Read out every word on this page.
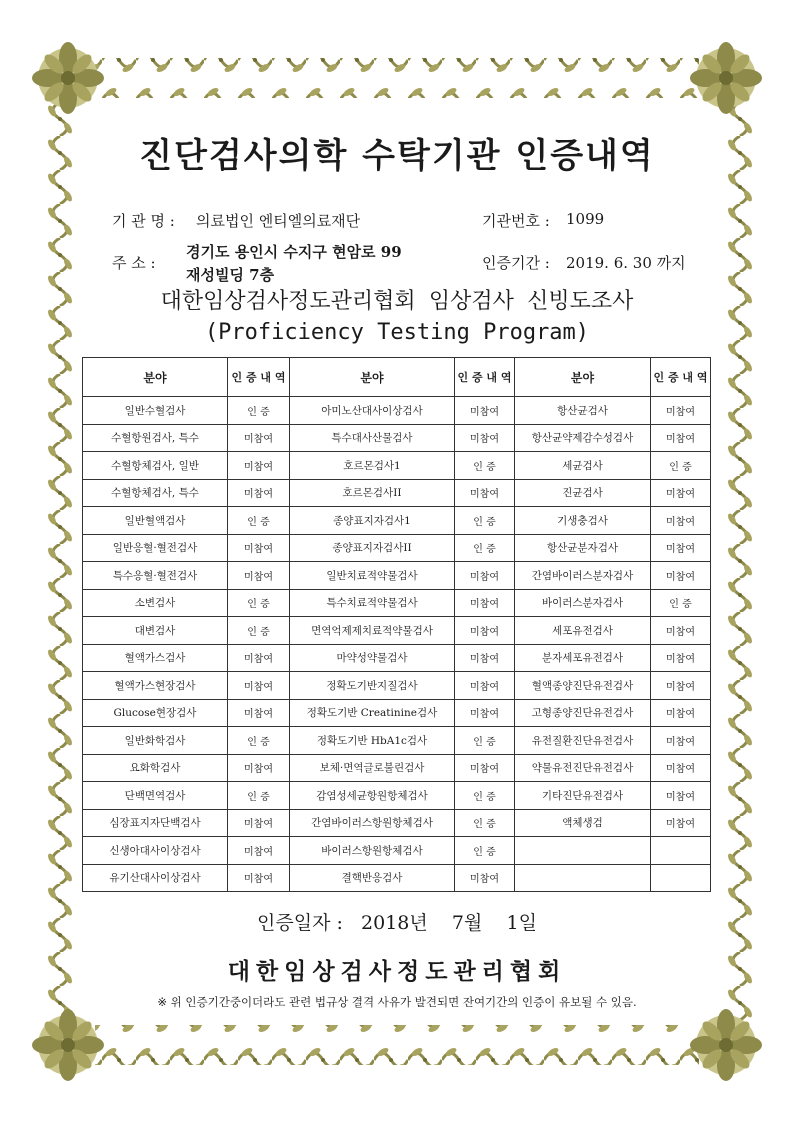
진단검사의학 수탁기관 인증내역
기 관 명 : 의료법인 엔티엘의료재단	기관번호 : 1099
주 소 :
경기도 용인시 수지구 현암로 99
재성빌딩 7층
인증기간 : 2019. 6. 30 까지
대한임상검사정도관리협회 임상검사 신빙도조사
(Proficiency Testing Program)
분야	인 증 내 역	분야	인 증 내 역	분야	인 증 내 역
일반수혈검사	인 증	아미노산대사이상검사	미참여	항산균검사	미참여
수혈항원검사, 특수	미참여	특수대사산물검사	미참여	항산균약제감수성검사	미참여
수혈항체검사, 일반	미참여	호르몬검사1	인 증	세균검사	인 증
수혈항체검사, 특수	미참여	호르몬검사II	미참여	진균검사	미참여
일반혈액검사	인 증	종양표지자검사1	인 증	기생충검사	미참여
일반응혈·혈전검사	미참여	종양표지자검사II	인 증	항산균분자검사	미참여
특수응혈·혈전검사	미참여	일반치료적약물검사	미참여	간염바이러스분자검사	미참여
소변검사	인 증	특수치료적약물검사	미참여	바이러스분자검사	인 증
대변검사	인 증	면역억제제치료적약물검사	미참여	세포유전검사	미참여
혈액가스검사	미참여	마약성약물검사	미참여	분자세포유전검사	미참여
혈액가스현장검사	미참여	정확도기반지질검사	미참여	혈액종양진단유전검사	미참여
Glucose현장검사	미참여	정확도기반 Creatinine검사	미참여	고형종양진단유전검사	미참여
일반화학검사	인 증	정확도기반 HbA1c검사	인 증	유전질환진단유전검사	미참여
요화학검사	미참여	보체·면역글로불린검사	미참여	약물유전진단유전검사	미참여
단백면역검사	인 증	감염성세균항원항체검사	인 증	기타진단유전검사	미참여
심장표지자단백검사	미참여	간염바이러스항원항체검사	인 증	액체생검	미참여
신생아대사이상검사	미참여	바이러스항원항체검사	인 증		
유기산대사이상검사	미참여	결핵반응검사	미참여		
인증일자 :   2018년    7월    1일
대한임상검사정도관리협회
※ 위 인증기간중이더라도 관련 법규상 결격 사유가 발견되면 잔여기간의 인증이 유보될 수 있음.
